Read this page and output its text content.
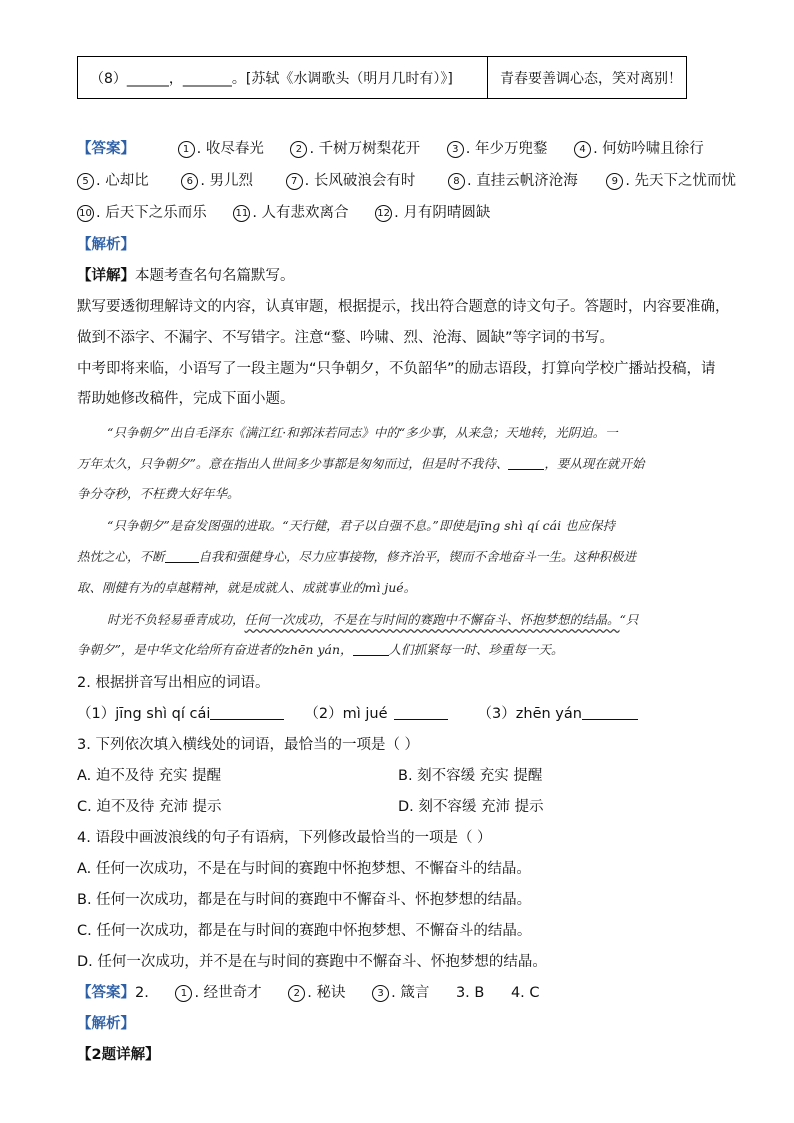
（8）______，_______。[苏轼《水调歌头（明月几时有）》]	青春要善调心态，笑对离别！
【答案】	1 . 收尽春光	2 . 千树万树梨花开	3 . 年少万兜鍪	4 . 何妨吟啸且徐行
5 . 心却比	6 . 男儿烈	7 . 长风破浪会有时	8 . 直挂云帆济沧海	9 . 先天下之忧而忧
10 . 后天下之乐而乐	11 . 人有悲欢离合	12 . 月有阴晴圆缺
【解析】
【详解】本题考查名句名篇默写。
默写要透彻理解诗文的内容，认真审题，根据提示，找出符合题意的诗文句子。答题时，内容要准确，
做到不添字、不漏字、不写错字。注意“鍪、吟啸、烈、沧海、圆缺”等字词的书写。
中考即将来临，小语写了一段主题为“只争朝夕，不负韶华”的励志语段，打算向学校广播站投稿，请
帮助她修改稿件，完成下面小题。
“只争朝夕”出自毛泽东《满江红·和郭沫若同志》中的“多少事，从来急；天地转，光阴迫。一
万年太久，只争朝夕”。意在指出人世间多少事都是匆匆而过，但是时不我待、	，要从现在就开始
争分夺秒，不枉费大好年华。
“只争朝夕”是奋发图强的进取。“天行健，君子以自强不息。”即使是jīng shì qí cái 也应保持
热忱之心，不断	自我和强健身心，尽力应事接物，修齐治平，锲而不舍地奋斗一生。这种积极进
取、刚健有为的卓越精神，就是成就人、成就事业的mì jué。
时光不负轻易垂青成功，任何一次成功，不是在与时间的赛跑中不懈奋斗、怀抱梦想的结晶。“只
争朝夕”，是中华文化给所有奋进者的zhēn yán，	人们抓紧每一时、珍重每一天。
2. 根据拼音写出相应的词语。
（1）jīng shì qí cái	（2）mì jué	（3）zhēn yán
3. 下列依次填入横线处的词语，最恰当的一项是（ ）
A. 迫不及待 充实 提醒	B. 刻不容缓 充实 提醒
C. 迫不及待 充沛 提示	D. 刻不容缓 充沛 提示
4. 语段中画波浪线的句子有语病，下列修改最恰当的一项是（ ）
A. 任何一次成功，不是在与时间的赛跑中怀抱梦想、不懈奋斗的结晶。
B. 任何一次成功，都是在与时间的赛跑中不懈奋斗、怀抱梦想的结晶。
C. 任何一次成功，都是在与时间的赛跑中怀抱梦想、不懈奋斗的结晶。
D. 任何一次成功，并不是在与时间的赛跑中不懈奋斗、怀抱梦想的结晶。
【答案】2.	1 . 经世奇才	2 . 秘诀	3 . 箴言 3. B 4. C
【解析】
【2题详解】
